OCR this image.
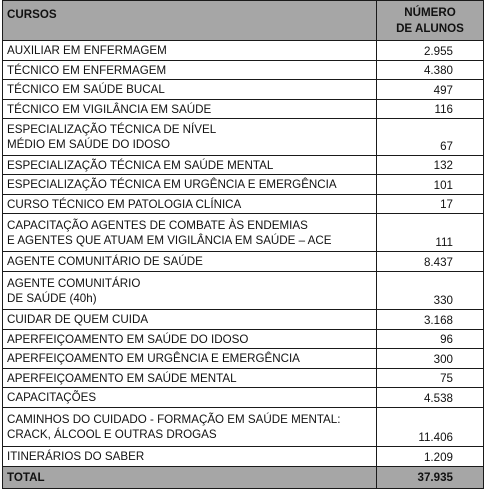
CURSOS	NÚMERO
DE ALUNOS

AUXILIAR EM ENFERMAGEM	2.955

TÉCNICO EM ENFERMAGEM	4.380

TÉCNICO EM SAÚDE BUCAL	497

TÉCNICO EM VIGILÂNCIA EM SAÚDE	116

ESPECIALIZAÇÃO TÉCNICA DE NÍVEL
MÉDIO EM SAÚDE DO IDOSO	67

ESPECIALIZAÇÃO TÉCNICA EM SAÚDE MENTAL	132

ESPECIALIZAÇÃO TÉCNICA EM URGÊNCIA E EMERGÊNCIA	101

CURSO TÉCNICO EM PATOLOGIA CLÍNICA	17

CAPACITAÇÃO AGENTES DE COMBATE ÀS ENDEMIAS
E AGENTES QUE ATUAM EM VIGILÂNCIA EM SAÚDE – ACE	111

AGENTE COMUNITÁRIO DE SAÚDE	8.437

AGENTE COMUNITÁRIO
DE SAÚDE (40h)	330

CUIDAR DE QUEM CUIDA	3.168

APERFEIÇOAMENTO EM SAÚDE DO IDOSO	96

APERFEIÇOAMENTO EM URGÊNCIA E EMERGÊNCIA	300

APERFEIÇOAMENTO EM SAÚDE MENTAL	75

CAPACITAÇÕES	4.538

CAMINHOS DO CUIDADO - FORMAÇÃO EM SAÚDE MENTAL:
CRACK, ÁLCOOL E OUTRAS DROGAS	11.406

ITINERÁRIOS DO SABER	1.209
TOTAL	37.935
